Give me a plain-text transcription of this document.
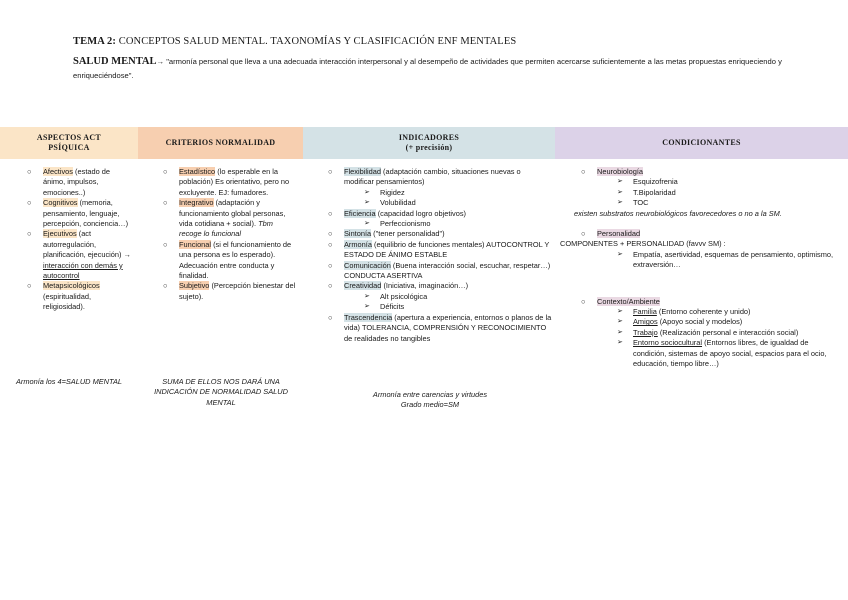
TEMA 2: CONCEPTOS SALUD MENTAL. TAXONOMÍAS Y CLASIFICACIÓN ENF MENTALES
SALUD MENTAL→ "armonía personal que lleva a una adecuada interacción interpersonal y al desempeño de actividades que permiten acercarse suficientemente a las metas propuestas enriqueciendo y enriqueciéndose".
ASPECTOS ACT PSÍQUICA
CRITERIOS NORMALIDAD
INDICADORES
(+ precisión)
CONDICIONANTES
○ Afectivos (estado de ánimo, impulsos, emociones..)
○ Cognitivos (memoria, pensamiento, lenguaje, percepción, conciencia…)
○ Ejecutivos (act autorregulación, planificación, ejecución) → interacción con demás y autocontrol
○ Metapsicológicos (espiritualidad, religiosidad).
Armonía los 4=SALUD MENTAL
○ Estadístico (lo esperable en la población) Es orientativo, pero no excluyente. EJ: fumadores.
○ Integrativo (adaptación y funcionamiento global personas, vida cotidiana + social). Tbm recoge lo funcional
○ Funcional (si el funcionamiento de una persona es lo esperado). Adecuación entre conducta y finalidad.
○ Subjetivo (Percepción bienestar del sujeto).
SUMA DE ELLOS NOS DARÁ UNA INDICACIÓN DE NORMALIDAD SALUD MENTAL
○ Flexibilidad (adaptación cambio, situaciones nuevas o modificar pensamientos)
➢ Rigidez
➢ Volubilidad
○ Eficiencia (capacidad logro objetivos)
➢ Perfeccionismo
○ Sintonía ("tener personalidad")
○ Armonía (equilibrio de funciones mentales) AUTOCONTROL Y ESTADO DE ÁNIMO ESTABLE
○ Comunicación (Buena interacción social, escuchar, respetar…) CONDUCTA ASERTIVA
○ Creatividad (Iniciativa, imaginación…)
➢ Alt psicológica
➢ Déficits
○ Trascendencia (apertura a experiencia, entornos o planos de la vida) TOLERANCIA, COMPRENSIÓN Y RECONOCIMIENTO de realidades no tangibles
Armonía entre carencias y virtudes
Grado medio=SM
○ Neurobiología
➢ Esquizofrenia
➢ T.Bipolaridad
➢ TOC
existen substratos neurobiológicos favorecedores o no a la SM.
○ Personalidad
COMPONENTES + PERSONALIDAD (favvv SM) :
➢ Empatía, asertividad, esquemas de pensamiento, optimismo, extraversión…
○ Contexto/Ambiente
➢ Familia (Entorno coherente y unido)
➢ Amigos (Apoyo social y modelos)
➢ Trabajo (Realización personal e interacción social)
➢ Entorno sociocultural (Entornos libres, de igualdad de condición, sistemas de apoyo social, espacios para el ocio, educación, tiempo libre…)
